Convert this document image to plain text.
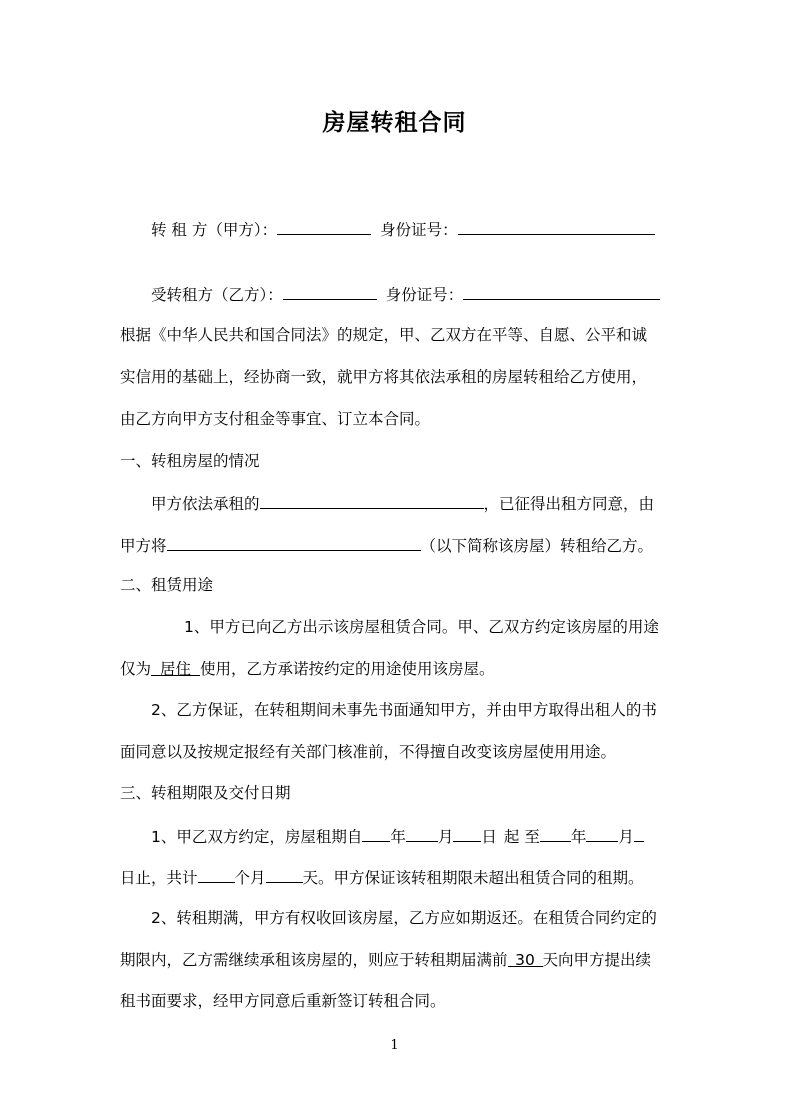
房屋转租合同
转 租 方（甲方）：	身份证号：
受转租方（乙方）：	身份证号：
根据《中华人民共和国合同法》的规定，甲、乙双方在平等、自愿、公平和诚
实信用的基础上，经协商一致，就甲方将其依法承租的房屋转租给乙方使用，
由乙方向甲方支付租金等事宜、订立本合同。
一、转租房屋的情况
甲方依法承租的	，已征得出租方同意，由
甲方将	（以下简称该房屋）转租给乙方。
二、租赁用途
1、甲方已向乙方出示该房屋租赁合同。甲、乙双方约定该房屋的用途
仅为 居住 使用，乙方承诺按约定的用途使用该房屋。
2、乙方保证，在转租期间未事先书面通知甲方，并由甲方取得出租人的书
面同意以及按规定报经有关部门核准前，不得擅自改变该房屋使用用途。
三、转租期限及交付日期
1、甲乙双方约定，房屋租期自 年 月 日 起 至 年 月
日止，共计 个月 天。甲方保证该转租期限未超出租赁合同的租期。
2、转租期满，甲方有权收回该房屋，乙方应如期返还。在租赁合同约定的
期限内，乙方需继续承租该房屋的，则应于转租期届满前 30 天向甲方提出续
租书面要求，经甲方同意后重新签订转租合同。
1
